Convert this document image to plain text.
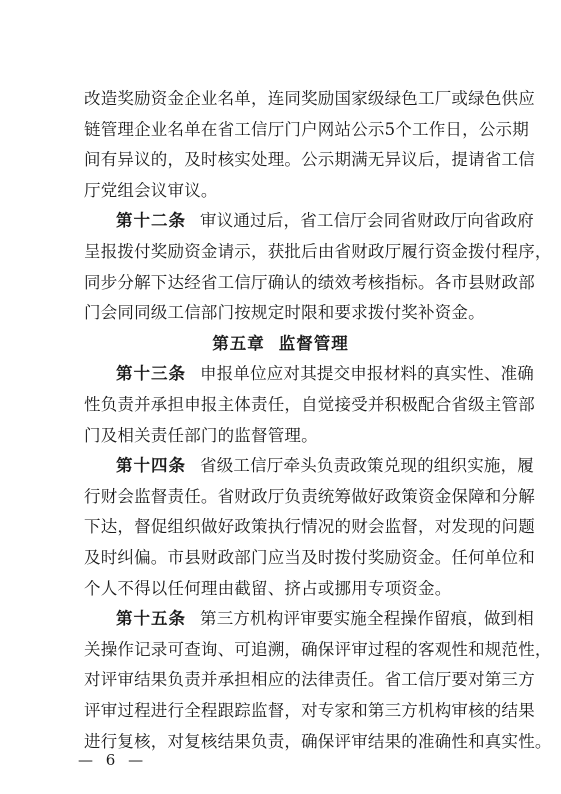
改造奖励资金企业名单，连同奖励国家级绿色工厂或绿色供应
链管理企业名单在省工信厅门户网站公示5个工作日，公示期
间有异议的，及时核实处理。公示期满无异议后，提请省工信
厅党组会议审议。
第十二条 审议通过后，省工信厅会同省财政厅向省政府
呈报拨付奖励资金请示，获批后由省财政厅履行资金拨付程序，
同步分解下达经省工信厅确认的绩效考核指标。各市县财政部
门会同同级工信部门按规定时限和要求拨付奖补资金。
第五章 监督管理
第十三条 申报单位应对其提交申报材料的真实性、准确
性负责并承担申报主体责任，自觉接受并积极配合省级主管部
门及相关责任部门的监督管理。
第十四条 省级工信厅牵头负责政策兑现的组织实施，履
行财会监督责任。省财政厅负责统筹做好政策资金保障和分解
下达，督促组织做好政策执行情况的财会监督，对发现的问题
及时纠偏。市县财政部门应当及时拨付奖励资金。任何单位和
个人不得以任何理由截留、挤占或挪用专项资金。
第十五条 第三方机构评审要实施全程操作留痕，做到相
关操作记录可查询、可追溯，确保评审过程的客观性和规范性，
对评审结果负责并承担相应的法律责任。省工信厅要对第三方
评审过程进行全程跟踪监督，对专家和第三方机构审核的结果
进行复核，对复核结果负责，确保评审结果的准确性和真实性。
— 6 —
